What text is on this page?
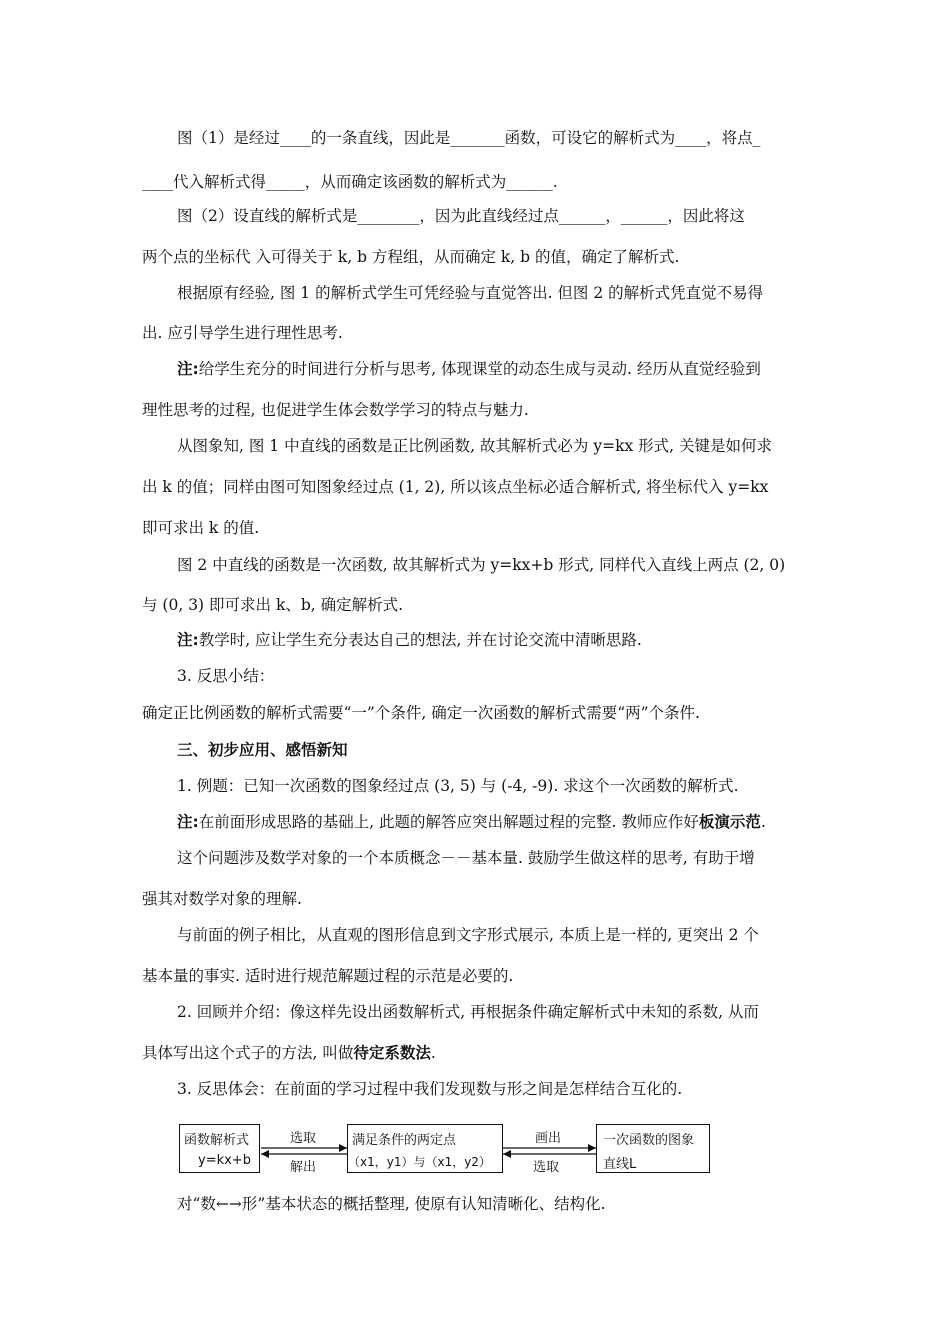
图（1）是经过____的一条直线，因此是_______函数，可设它的解析式为____，将点_
____代入解析式得_____，从而确定该函数的解析式为______.
图（2）设直线的解析式是________，因为此直线经过点______，______，因此将这
两个点的坐标代 入可得关于 k, b 方程组，从而确定 k, b 的值，确定了解析式.
根据原有经验, 图 1 的解析式学生可凭经验与直觉答出. 但图 2 的解析式凭直觉不易得
出. 应引导学生进行理性思考.
注:给学生充分的时间进行分析与思考, 体现课堂的动态生成与灵动. 经历从直觉经验到
理性思考的过程, 也促进学生体会数学学习的特点与魅力.
从图象知, 图 1 中直线的函数是正比例函数, 故其解析式必为 y=kx 形式, 关键是如何求
出 k 的值；同样由图可知图象经过点 (1, 2), 所以该点坐标必适合解析式, 将坐标代入 y=kx
即可求出 k 的值.
图 2 中直线的函数是一次函数, 故其解析式为 y=kx+b 形式, 同样代入直线上两点 (2, 0)
与 (0, 3) 即可求出 k、b, 确定解析式.
注:教学时, 应让学生充分表达自己的想法, 并在讨论交流中清晰思路.
3. 反思小结：
确定正比例函数的解析式需要“一”个条件, 确定一次函数的解析式需要“两”个条件.
三、初步应用、感悟新知
1. 例题：已知一次函数的图象经过点 (3, 5) 与 (-4, -9). 求这个一次函数的解析式.
注:在前面形成思路的基础上, 此题的解答应突出解题过程的完整. 教师应作好板演示范.
这个问题涉及数学对象的一个本质概念－－基本量. 鼓励学生做这样的思考, 有助于增
强其对数学对象的理解.
与前面的例子相比，从直观的图形信息到文字形式展示, 本质上是一样的, 更突出 2 个
基本量的事实. 适时进行规范解题过程的示范是必要的.
2. 回顾并介绍：像这样先设出函数解析式, 再根据条件确定解析式中未知的系数, 从而
具体写出这个式子的方法, 叫做待定系数法.
3. 反思体会：在前面的学习过程中我们发现数与形之间是怎样结合互化的.
函数解析式
y=kx+b
选取
解出
满足条件的两定点
（x1，y1）与（x1，y2）
画出
选取
一次函数的图象
直线L
对“数←→形”基本状态的概括整理, 使原有认知清晰化、结构化.
